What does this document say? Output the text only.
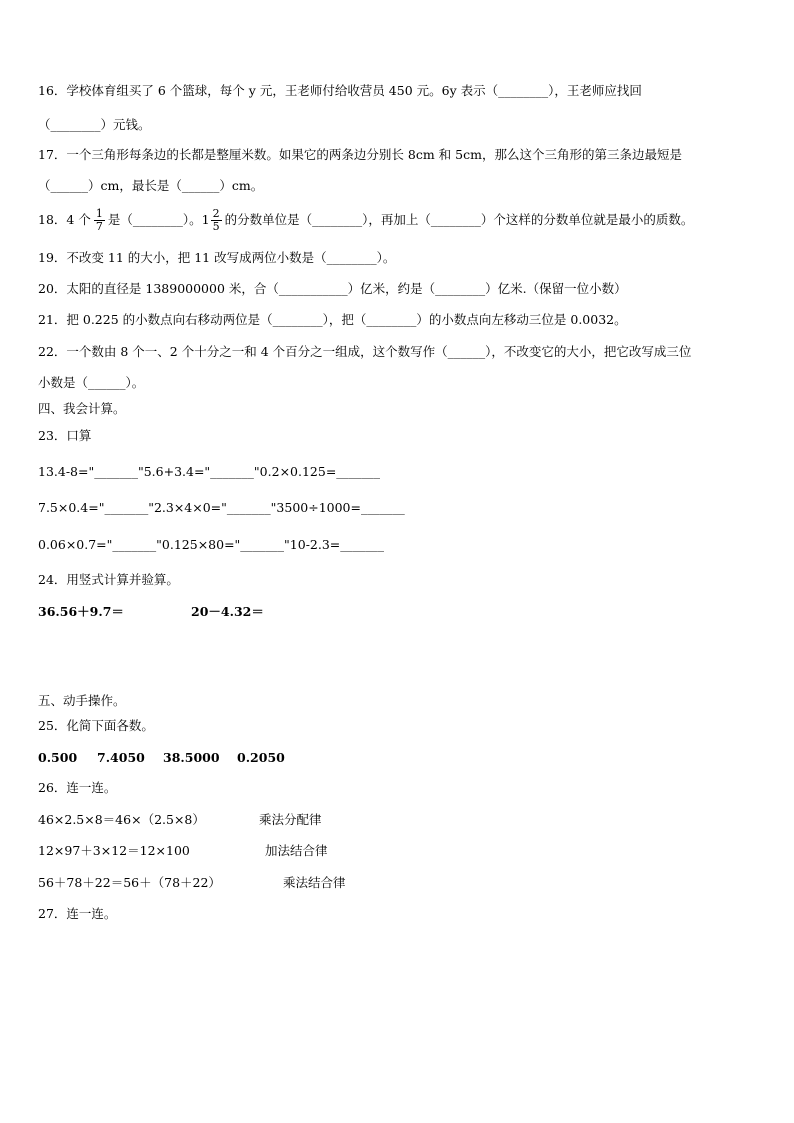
16．学校体育组买了 6 个篮球，每个 y 元，王老师付给收营员 450 元。6y 表示（________），王老师应找回
（________）元钱。
17．一个三角形每条边的长都是整厘米数。如果它的两条边分别长 8cm 和 5cm，那么这个三角形的第三条边最短是
（______）cm，最长是（______）cm。
18．4 个 $\frac{1}{7}$ 是（________）。 $1 \frac{2}{5}$ 的分数单位是（________），再加上（________）个这样的分数单位就是最小的质数。
19．不改变 11 的大小，把 11 改写成两位小数是（________）。
20．太阳的直径是 1389000000 米，合（___________）亿米，约是（________）亿米.（保留一位小数）
21．把 0.225 的小数点向右移动两位是（________），把（________）的小数点向左移动三位是 0.0032。
22．一个数由 8 个一、2 个十分之一和 4 个百分之一组成，这个数写作（______），不改变它的大小，把它改写成三位
小数是（______）。
四、我会计算。
23．口算
13.4-8="_______"5.6+3.4="_______"0.2×0.125=_______
7.5×0.4="_______"2.3×4×0="_______"3500÷1000=_______
0.06×0.7="_______"0.125×80="_______"10-2.3=_______
24．用竖式计算并验算。
36.56＋9.7＝	20－4.32＝
五、动手操作。
25．化简下面各数。
0.500 7.4050 38.5000 0.2050
26．连一连。
46×2.5×8＝46×（2.5×8）	乘法分配律
12×97＋3×12＝12×100	加法结合律
56＋78＋22＝56＋（78＋22）	乘法结合律
27．连一连。
